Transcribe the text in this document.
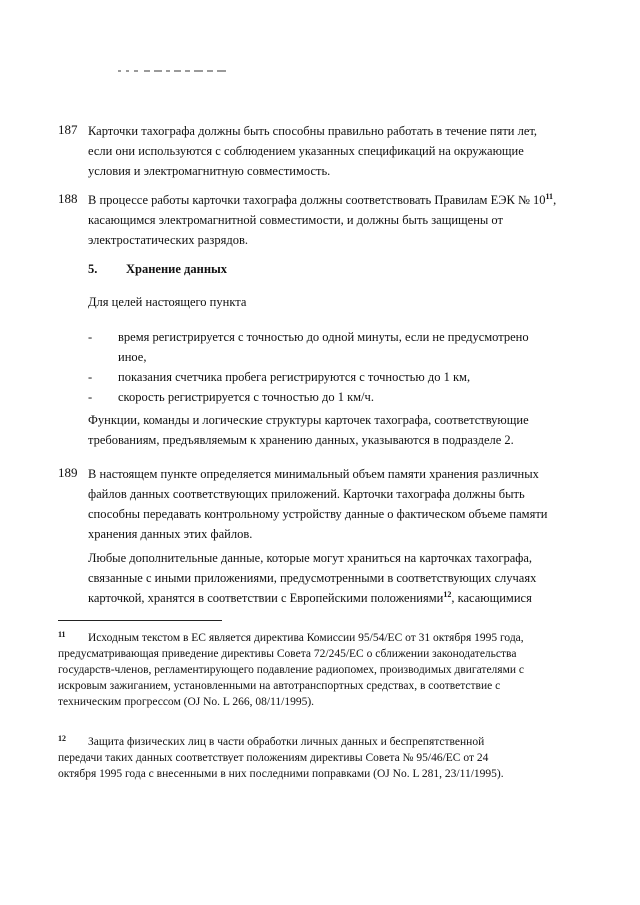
187 Карточки тахографа должны быть способны правильно работать в течение пяти лет, если они используются с соблюдением указанных спецификаций на окружающие условия и электромагнитную совместимость.

188 В процессе работы карточки тахографа должны соответствовать Правилам ЕЭК № $10^{11}$, касающимся электромагнитной совместимости, и должны быть защищены от электростатических разрядов.

5. Хранение данных
Для целей настоящего пункта
- время регистрируется с точностью до одной минуты, если не предусмотрено иное,
- показания счетчика пробега регистрируются с точностью до 1 км,
- скорость регистрируется с точностью до 1 км/ч.

Функции, команды и логические структуры карточек тахографа, соответствующие требованиям, предъявляемым к хранению данных, указываются в подразделе 2.

189 В настоящем пункте определяется минимальный объем памяти хранения различных файлов данных соответствующих приложений. Карточки тахографа должны быть способны передавать контрольному устройству данные о фактическом объеме памяти хранения данных этих файлов.

Любые дополнительные данные, которые могут храниться на карточках тахографа, связанные с иными приложениями, предусмотренными в соответствующих случаях карточкой, хранятся в соответствии с Европейскими положениями$^{12}$, касающимися

11	Исходным текстом в ЕС является директива Комиссии 95/54/ЕС от 31 октября 1995 года, предусматривающая приведение директивы Совета 72/245/ЕС о сближении законодательства государств-членов, регламентирующего подавление радиопомех, производимых двигателями с искровым зажиганием, установленными на автотранспортных средствах, в соответствие с техническим прогрессом (OJ No. L 266, 08/11/1995).

12	Защита физических лиц в части обработки личных данных и беспрепятственной передачи таких данных соответствует положениям директивы Совета № 95/46/ЕС от 24 октября 1995 года с внесенными в них последними поправками (OJ No. L 281, 23/11/1995).
